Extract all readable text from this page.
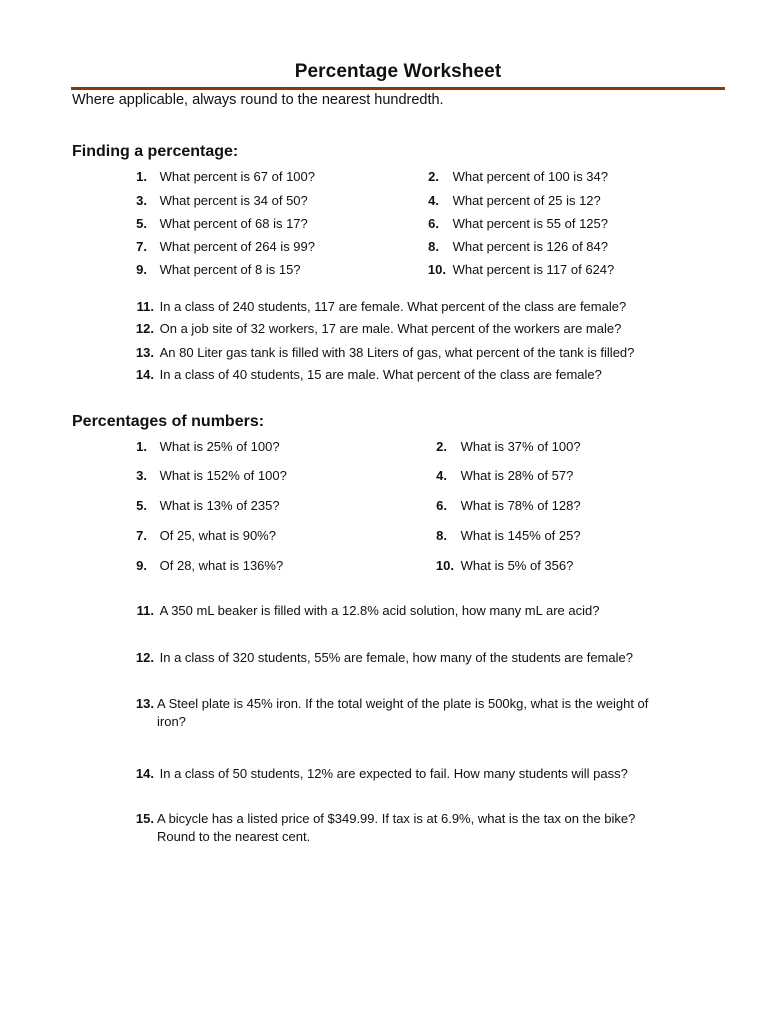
Percentage Worksheet
Where applicable, always round to the nearest hundredth.
Finding a percentage:
1. What percent is 67 of 100?	2. What percent of 100 is 34?
3. What percent is 34 of 50?	4. What percent of 25 is 12?
5. What percent of 68 is 17?	6. What percent is 55 of 125?
7. What percent of 264 is 99?	8. What percent is 126 of 84?
9. What percent of 8 is 15?	10. What percent is 117 of 624?
11. In a class of 240 students, 117 are female. What percent of the class are female?
12. On a job site of 32 workers, 17 are male. What percent of the workers are male?
13. An 80 Liter gas tank is filled with 38 Liters of gas, what percent of the tank is filled?
14. In a class of 40 students, 15 are male. What percent of the class are female?
Percentages of numbers:
1. What is 25% of 100?	2. What is 37% of 100?
3. What is 152% of 100?	4. What is 28% of 57?
5. What is 13% of 235?	6. What is 78% of 128?
7. Of 25, what is 90%?	8. What is 145% of 25?
9. Of 28, what is 136%?	10. What is 5% of 356?
11. A 350 mL beaker is filled with a 12.8% acid solution, how many mL are acid?
12. In a class of 320 students, 55% are female, how many of the students are female?
13. A Steel plate is 45% iron. If the total weight of the plate is 500kg, what is the weight of iron?
14. In a class of 50 students, 12% are expected to fail. How many students will pass?
15. A bicycle has a listed price of $349.99. If tax is at 6.9%, what is the tax on the bike? Round to the nearest cent.
